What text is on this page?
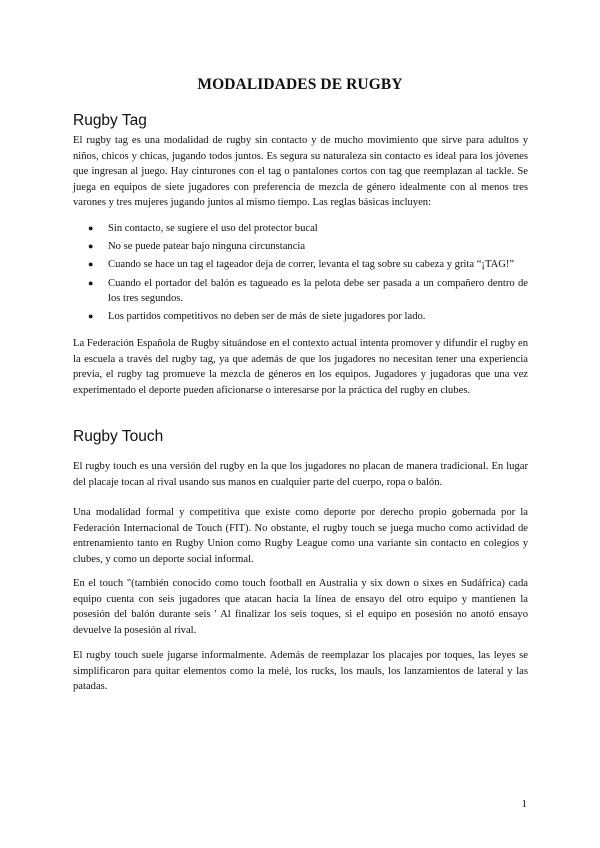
MODALIDADES DE RUGBY
Rugby Tag

El rugby tag es una modalidad de rugby sin contacto y de mucho movimiento que sirve para adultos y niños, chicos y chicas, jugando todos juntos. Es segura su naturaleza sin contacto es ideal para los jóvenes que ingresan al juego. Hay cinturones con el tag o pantalones cortos con tag que reemplazan al tackle. Se juega en equipos de siete jugadores con preferencia de mezcla de género idealmente con al menos tres varones y tres mujeres jugando juntos al mismo tiempo. Las reglas básicas incluyen:

● Sin contacto, se sugiere el uso del protector bucal
● No se puede patear bajo ninguna circunstancia
● Cuando se hace un tag el tageador deja de correr, levanta el tag sobre su cabeza y grita “¡TAG!”
● Cuando el portador del balón es tagueado es la pelota debe ser pasada a un compañero dentro de los tres segundos.
● Los partidos competitivos no deben ser de más de siete jugadores por lado.

La Federación Española de Rugby situándose en el contexto actual intenta promover y difundir el rugby en la escuela a través del rugby tag, ya que además de que los jugadores no necesitan tener una experiencia previa, el rugby tag promueve la mezcla de géneros en los equipos. Jugadores y jugadoras que una vez experimentado el deporte pueden aficionarse o interesarse por la práctica del rugby en clubes.

Rugby Touch

El rugby touch es una versión del rugby en la que los jugadores no placan de manera tradicional. En lugar del placaje tocan al rival usando sus manos en cualquier parte del cuerpo, ropa o balón.

Una modalidad formal y competitiva que existe como deporte por derecho propio gobernada por la Federación Internacional de Touch (FIT). No obstante, el rugby touch se juega mucho como actividad de entrenamiento tanto en Rugby Union como Rugby League como una variante sin contacto en colegios y clubes, y como un deporte social informal.

En el touch "(también conocido como touch football en Australia y six down o sixes en Sudáfrica) cada equipo cuenta con seis jugadores que atacan hacia la línea de ensayo del otro equipo y mantienen la posesión del balón durante seis ' Al finalizar los seis toques, si el equipo en posesión no anotó ensayo devuelve la posesión al rival.

El rugby touch suele jugarse informalmente. Además de reemplazar los placajes por toques, las leyes se simplificaron para quitar elementos como la melé, los rucks, los mauls, los lanzamientos de lateral y las patadas.

1
